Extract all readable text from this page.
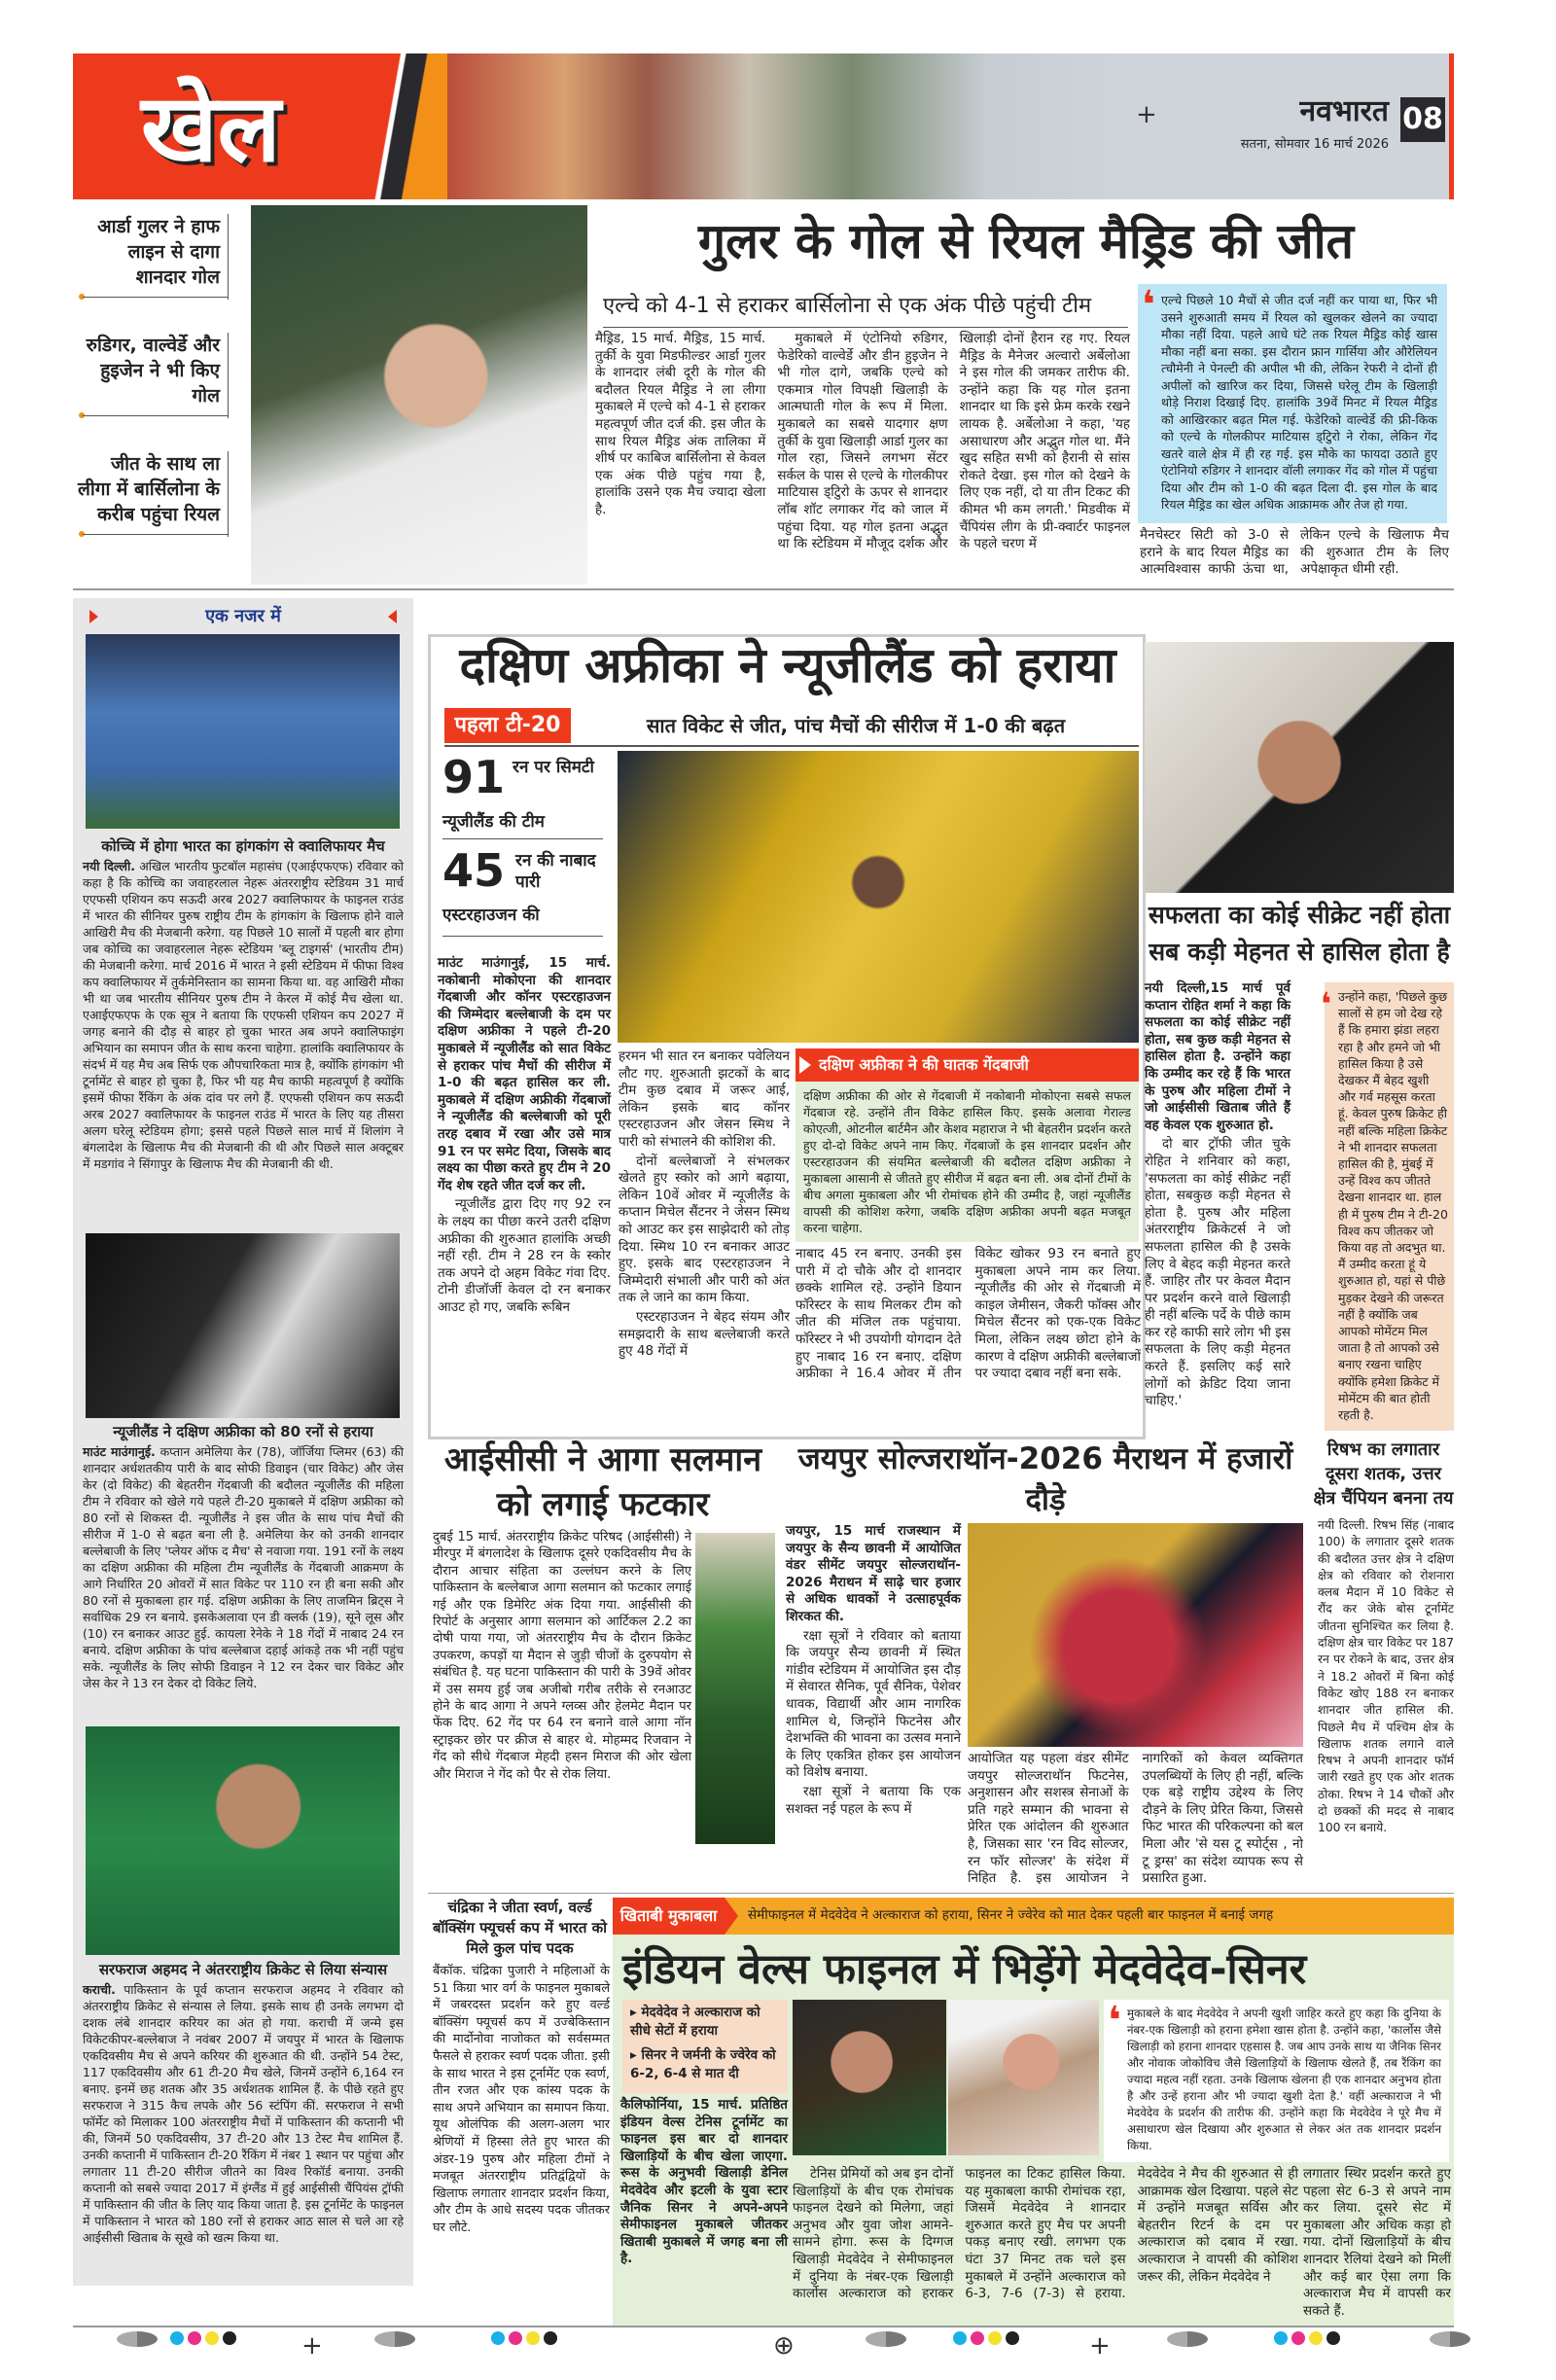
खेल	+	08
नवभारत
सतना, सोमवार 16 मार्च 2026
आर्डा गुलर ने हाफ लाइन से दागा शानदार गोल
रुडिगर, वाल्वेर्डे और हुइजेन ने भी किए गोल
जीत के साथ ला लीगा में बार्सिलोना के करीब पहुंचा रियल
गुलर के गोल से रियल मैड्रिड की जीत
एल्चे को 4-1 से हराकर बार्सिलोना से एक अंक पीछे पहुंची टीम

मैड्रिड, 15 मार्च. मैड्रिड, 15 मार्च. तुर्की के युवा मिडफील्डर आर्डा गुलर के शानदार लंबी दूरी के गोल की बदौलत रियल मैड्रिड ने ला लीगा मुकाबले में एल्चे को 4-1 से हराकर महत्वपूर्ण जीत दर्ज की. इस जीत के साथ रियल मैड्रिड अंक तालिका में शीर्ष पर काबिज बार्सिलोना से केवल एक अंक पीछे पहुंच गया है, हालांकि उसने एक मैच ज्यादा खेला है.

मुकाबले में एंटोनियो रुडिगर, फेडेरिको वाल्वेर्डे और डीन हुइजेन ने भी गोल दागे, जबकि एल्चे को एकमात्र गोल विपक्षी खिलाड़ी के आत्मघाती गोल के रूप में मिला. मुकाबले का सबसे यादगार क्षण तुर्की के युवा खिलाड़ी आर्डा गुलर का गोल रहा, जिसने लगभग सेंटर सर्कल के पास से एल्चे के गोलकीपर माटियास ड्टिुरो के ऊपर से शानदार लॉब शॉट लगाकर गेंद को जाल में पहुंचा दिया. यह गोल इतना अद्भुत था कि स्टेडियम में मौजूद दर्शक और खिलाड़ी दोनों हैरान रह गए. रियल मैड्रिड के मैनेजर अल्वारो अर्बेलोआ ने इस गोल की जमकर तारीफ की. उन्होंने कहा कि यह गोल इतना शानदार था कि इसे फ्रेम करके रखने लायक है. अर्बेलोआ ने कहा, 'यह असाधारण और अद्भुत गोल था. मैंने खुद सहित सभी को हैरानी से सांस रोकते देखा. इस गोल को देखने के लिए एक नहीं, दो या तीन टिकट की कीमत भी कम लगती.' मिडवीक में चैंपियंस लीग के प्री-क्वार्टर फाइनल के पहले चरण में

❛ एल्चे पिछले 10 मैचों से जीत दर्ज नहीं कर पाया था, फिर भी उसने शुरुआती समय में रियल को खुलकर खेलने का ज्यादा मौका नहीं दिया. पहले आधे घंटे तक रियल मैड्रिड कोई खास मौका नहीं बना सका. इस दौरान फ्रान गार्सिया और औरेलियन त्चौमेनी ने पेनल्टी की अपील भी की, लेकिन रेफरी ने दोनों ही अपीलों को खारिज कर दिया, जिससे घरेलू टीम के खिलाड़ी थोड़े निराश दिखाई दिए. हालांकि 39वें मिनट में रियल मैड्रिड को आखिरकार बढ़त मिल गई. फेडेरिको वाल्वेर्डे की फ्री-किक को एल्चे के गोलकीपर माटियास ड्टिुरो ने रोका, लेकिन गेंद खतरे वाले क्षेत्र में ही रह गई. इस मौके का फायदा उठाते हुए एंटोनियो रुडिगर ने शानदार वॉली लगाकर गेंद को गोल में पहुंचा दिया और टीम को 1-0 की बढ़त दिला दी. इस गोल के बाद रियल मैड्रिड का खेल अधिक आक्रामक और तेज हो गया.

मैनचेस्टर सिटी को 3-0 से हराने के बाद रियल मैड्रिड का आत्मविश्वास काफी ऊंचा था, लेकिन एल्चे के खिलाफ मैच की शुरुआत टीम के लिए अपेक्षाकृत धीमी रही.

एक नजर में
कोच्चि में होगा भारत का हांगकांग से क्वालिफायर मैच

नयी दिल्ली. अखिल भारतीय फुटबॉल महासंघ (एआईएफएफ) रविवार को कहा है कि कोच्चि का जवाहरलाल नेहरू अंतरराष्ट्रीय स्टेडियम 31 मार्च एएफसी एशियन कप सऊदी अरब 2027 क्वालिफायर के फाइनल राउंड में भारत की सीनियर पुरुष राष्ट्रीय टीम के हांगकांग के खिलाफ होने वाले आखिरी मैच की मेजबानी करेगा. यह पिछले 10 सालों में पहली बार होगा जब कोच्चि का जवाहरलाल नेहरू स्टेडियम 'ब्लू टाइगर्स' (भारतीय टीम) की मेजबानी करेगा. मार्च 2016 में भारत ने इसी स्टेडियम में फीफा विश्व कप क्वालिफायर में तुर्कमेनिस्तान का सामना किया था. वह आखिरी मौका भी था जब भारतीय सीनियर पुरुष टीम ने केरल में कोई मैच खेला था. एआईएफएफ के एक सूत्र ने बताया कि एएफसी एशियन कप 2027 में जगह बनाने की दौड़ से बाहर हो चुका भारत अब अपने क्वालिफाइंग अभियान का समापन जीत के साथ करना चाहेगा. हालांकि क्वालिफायर के संदर्भ में यह मैच अब सिर्फ एक औपचारिकता मात्र है, क्योंकि हांगकांग भी टूर्नामेंट से बाहर हो चुका है, फिर भी यह मैच काफी महत्वपूर्ण है क्योंकि इसमें फीफा रैंकिंग के अंक दांव पर लगे हैं. एएफसी एशियन कप सऊदी अरब 2027 क्वालिफायर के फाइनल राउंड में भारत के लिए यह तीसरा अलग घरेलू स्टेडियम होगा; इससे पहले पिछले साल मार्च में शिलांग ने बंगलादेश के खिलाफ मैच की मेजबानी की थी और पिछले साल अक्टूबर में मडगांव ने सिंगापुर के खिलाफ मैच की मेजबानी की थी.

न्यूजीलैंड ने दक्षिण अफ्रीका को 80 रनों से हराया

माउंट माउंगानुई. कप्तान अमेलिया केर (78), जॉर्जिया प्लिमर (63) की शानदार अर्धशतकीय पारी के बाद सोफी डिवाइन (चार विकेट) और जेस केर (दो विकेट) की बेहतरीन गेंदबाजी की बदौलत न्यूजीलैंड की महिला टीम ने रविवार को खेले गये पहले टी-20 मुकाबले में दक्षिण अफ्रीका को 80 रनों से शिकस्त दी. न्यूजीलैंड ने इस जीत के साथ पांच मैचों की सीरीज में 1-0 से बढ़त बना ली है. अमेलिया केर को उनकी शानदार बल्लेबाजी के लिए 'प्लेयर ऑफ द मैच' से नवाजा गया. 191 रनों के लक्ष्य का दक्षिण अफ्रीका की महिला टीम न्यूजीलैंड के गेंदबाजी आक्रमण के आगे निर्धारित 20 ओवरों में सात विकेट पर 110 रन ही बना सकी और 80 रनों से मुकाबला हार गई. दक्षिण अफ्रीका के लिए ताजमिन ब्रिट्स ने सर्वाधिक 29 रन बनाये. इसकेअलावा एन डी क्लर्क (19), सूने लूस और (10) रन बनाकर आउट हुई. कायला रेनेके ने 18 गेंदों में नाबाद 24 रन बनाये. दक्षिण अफ्रीका के पांच बल्लेबाज दहाई आंकड़े तक भी नहीं पहुंच सके. न्यूजीलैंड के लिए सोफी डिवाइन ने 12 रन देकर चार विकेट और जेस केर ने 13 रन देकर दो विकेट लिये.

सरफराज अहमद ने अंतरराष्ट्रीय क्रिकेट से लिया संन्यास

कराची. पाकिस्तान के पूर्व कप्तान सरफराज अहमद ने रविवार को अंतरराष्ट्रीय क्रिकेट से संन्यास ले लिया. इसके साथ ही उनके लगभग दो दशक लंबे शानदार करियर का अंत हो गया. कराची में जन्मे इस विकेटकीपर-बल्लेबाज ने नवंबर 2007 में जयपुर में भारत के खिलाफ एकदिवसीय मैच से अपने करियर की शुरुआत की थी. उन्होंने 54 टेस्ट, 117 एकदिवसीय और 61 टी-20 मैच खेले, जिनमें उन्होंने 6,164 रन बनाए. इनमें छह शतक और 35 अर्धशतक शामिल हैं. के पीछे रहते हुए सरफराज ने 315 कैच लपके और 56 स्टंपिंग कीं. सरफराज ने सभी फॉर्मेट को मिलाकर 100 अंतरराष्ट्रीय मैचों में पाकिस्तान की कप्तानी भी की, जिनमें 50 एकदिवसीय, 37 टी-20 और 13 टेस्ट मैच शामिल हैं. उनकी कप्तानी में पाकिस्तान टी-20 रैंकिंग में नंबर 1 स्थान पर पहुंचा और लगातार 11 टी-20 सीरीज जीतने का विश्व रिकॉर्ड बनाया. उनकी कप्तानी को सबसे ज्यादा 2017 में इंग्लैंड में हुई आईसीसी चैंपियंस ट्रॉफी में पाकिस्तान की जीत के लिए याद किया जाता है. इस टूर्नामेंट के फाइनल में पाकिस्तान ने भारत को 180 रनों से हराकर आठ साल से चले आ रहे आईसीसी खिताब के सूखे को खत्म किया था.

दक्षिण अफ्रीका ने न्यूजीलैंड को हराया
पहला टी-20	सात विकेट से जीत, पांच मैचों की सीरीज में 1-0 की बढ़त
91 रन पर सिमटी
न्यूजीलैंड की टीम
45 रन की नाबाद पारी
एस्टरहाउजन की

माउंट माउंगानुई, 15 मार्च. नकोबानी मोकोएना की शानदार गेंदबाजी और कॉनर एस्टरहाउजन की जिम्मेदार बल्लेबाजी के दम पर दक्षिण अफ्रीका ने पहले टी-20 मुकाबले में न्यूजीलैंड को सात विकेट से हराकर पांच मैचों की सीरीज में 1-0 की बढ़त हासिल कर ली. मुकाबले में दक्षिण अफ्रीकी गेंदबाजों ने न्यूजीलैंड की बल्लेबाजी को पूरी तरह दबाव में रखा और उसे मात्र 91 रन पर समेट दिया, जिसके बाद लक्ष्य का पीछा करते हुए टीम ने 20 गेंद शेष रहते जीत दर्ज कर ली.

न्यूजीलैंड द्वारा दिए गए 92 रन के लक्ष्य का पीछा करने उतरी दक्षिण अफ्रीका की शुरुआत हालांकि अच्छी नहीं रही. टीम ने 28 रन के स्कोर तक अपने दो अहम विकेट गंवा दिए. टोनी डीजॉर्जी केवल दो रन बनाकर आउट हो गए, जबकि रूबिन

हरमन भी सात रन बनाकर पवेलियन लौट गए. शुरुआती झटकों के बाद टीम कुछ दबाव में जरूर आई, लेकिन इसके बाद कॉनर एस्टरहाउजन और जेसन स्मिथ ने पारी को संभालने की कोशिश की.

दोनों बल्लेबाजों ने संभलकर खेलते हुए स्कोर को आगे बढ़ाया, लेकिन 10वें ओवर में न्यूजीलैंड के कप्तान मिचेल सैंटनर ने जेसन स्मिथ को आउट कर इस साझेदारी को तोड़ दिया. स्मिथ 10 रन बनाकर आउट हुए. इसके बाद एस्टरहाउजन ने जिम्मेदारी संभाली और पारी को अंत तक ले जाने का काम किया.

एस्टरहाउजन ने बेहद संयम और समझदारी के साथ बल्लेबाजी करते हुए 48 गेंदों में

दक्षिण अफ्रीका ने की घातक गेंदबाजी

दक्षिण अफ्रीका की ओर से गेंदबाजी में नकोबानी मोकोएना सबसे सफल गेंदबाज रहे. उन्होंने तीन विकेट हासिल किए. इसके अलावा गेराल्ड कोएत्जी, ओटनील बार्टमैन और केशव महाराज ने भी बेहतरीन प्रदर्शन करते हुए दो-दो विकेट अपने नाम किए. गेंदबाजों के इस शानदार प्रदर्शन और एस्टरहाउजन की संयमित बल्लेबाजी की बदौलत दक्षिण अफ्रीका ने मुकाबला आसानी से जीतते हुए सीरीज में बढ़त बना ली. अब दोनों टीमों के बीच अगला मुकाबला और भी रोमांचक होने की उम्मीद है, जहां न्यूजीलैंड वापसी की कोशिश करेगा, जबकि दक्षिण अफ्रीका अपनी बढ़त मजबूत करना चाहेगा.

नाबाद 45 रन बनाए. उनकी इस पारी में दो चौके और दो शानदार छक्के शामिल रहे. उन्होंने डियान फॉरेस्टर के साथ मिलकर टीम को जीत की मंजिल तक पहुंचाया. फॉरेस्टर ने भी उपयोगी योगदान देते हुए नाबाद 16 रन बनाए. दक्षिण अफ्रीका ने 16.4 ओवर में तीन विकेट खोकर 93 रन बनाते हुए मुकाबला अपने नाम कर लिया. न्यूजीलैंड की ओर से गेंदबाजी में काइल जेमीसन, जैकरी फॉक्स और मिचेल सैंटनर को एक-एक विकेट मिला, लेकिन लक्ष्य छोटा होने के कारण वे दक्षिण अफ्रीकी बल्लेबाजों पर ज्यादा दबाव नहीं बना सके.

सफलता का कोई सीक्रेट नहीं होता सब कड़ी मेहनत से हासिल होता है

नयी दिल्ली,15 मार्च पूर्व कप्तान रोहित शर्मा ने कहा कि सफलता का कोई सीक्रेट नहीं होता, सब कुछ कड़ी मेहनत से हासिल होता है. उन्होंने कहा कि उम्मीद कर रहे हैं कि भारत के पुरुष और महिला टीमों ने जो आईसीसी खिताब जीते हैं वह केवल एक शुरुआत हो.

दो बार ट्रॉफी जीत चुके रोहित ने शनिवार को कहा, 'सफलता का कोई सीक्रेट नहीं होता, सबकुछ कड़ी मेहनत से होता है. पुरुष और महिला अंतरराष्ट्रीय क्रिकेटर्स ने जो सफलता हासिल की है उसके लिए वे बेहद कड़ी मेहनत करते हैं. जाहिर तौर पर केवल मैदान पर प्रदर्शन करने वाले खिलाड़ी ही नहीं बल्कि पर्दे के पीछे काम कर रहे काफी सारे लोग भी इस सफलता के लिए कड़ी मेहनत करते हैं. इसलिए कई सारे लोगों को क्रेडिट दिया जाना चाहिए.'

❛ उन्होंने कहा, 'पिछले कुछ सालों से हम जो देख रहे हैं कि हमारा झंडा लहरा रहा है और हमने जो भी हासिल किया है उसे देखकर मैं बेहद खुशी और गर्व महसूस करता हूं. केवल पुरुष क्रिकेट ही नहीं बल्कि महिला क्रिकेट ने भी शानदार सफलता हासिल की है, मुंबई में उन्हें विश्व कप जीतते देखना शानदार था. हाल ही में पुरुष टीम ने टी-20 विश्व कप जीतकर जो किया वह तो अदभुत था. मैं उम्मीद करता हूं ये शुरुआत हो, यहां से पीछे मुड़कर देखने की जरूरत नहीं है क्योंकि जब आपको मोमेंटम मिल जाता है तो आपको उसे बनाए रखना चाहिए क्योंकि हमेशा क्रिकेट में मोमेंटम की बात होती रहती है.

आईसीसी ने आगा सलमान को लगाई फटकार

दुबई 15 मार्च. अंतरराष्ट्रीय क्रिकेट परिषद (आईसीसी) ने मीरपुर में बंगलादेश के खिलाफ दूसरे एकदिवसीय मैच के दौरान आचार संहिता का उल्लंघन करने के लिए पाकिस्तान के बल्लेबाज आगा सलमान को फटकार लगाई गई और एक डिमेरिट अंक दिया गया. आईसीसी की रिपोर्ट के अनुसार आगा सलमान को आर्टिकल 2.2 का दोषी पाया गया, जो अंतरराष्ट्रीय मैच के दौरान क्रिकेट उपकरण, कपड़ों या मैदान से जुड़ी चीजों के दुरुपयोग से संबंधित है. यह घटना पाकिस्तान की पारी के 39वें ओवर में उस समय हुई जब अजीबो गरीब तरीके से रनआउट होने के बाद आगा ने अपने ग्लव्स और हेलमेट मैदान पर फेंक दिए. 62 गेंद पर 64 रन बनाने वाले आगा नॉन स्ट्राइकर छोर पर क्रीज से बाहर थे. मोहम्मद रिजवान ने गेंद को सीधे गेंदबाज मेहदी हसन मिराज की ओर खेला और मिराज ने गेंद को पैर से रोक लिया.

जयपुर सोल्जराथॉन-2026 मैराथन में हजारों दौड़े

जयपुर, 15 मार्च राजस्थान में जयपुर के सैन्य छावनी में आयोजित वंडर सीमेंट जयपुर सोल्जराथॉन- 2026 मैराथन में साढ़े चार हजार से अधिक धावकों ने उत्साहपूर्वक शिरकत की.

रक्षा सूत्रों ने रविवार को बताया कि जयपुर सैन्य छावनी में स्थित गांडीव स्टेडियम में आयोजित इस दौड़ में सेवारत सैनिक, पूर्व सैनिक, पेशेवर धावक, विद्यार्थी और आम नागरिक शामिल थे, जिन्होंने फिटनेस और देशभक्ति की भावना का उत्सव मनाने के लिए एकत्रित होकर इस आयोजन को विशेष बनाया.

रक्षा सूत्रों ने बताया कि एक सशक्त नई पहल के रूप में

आयोजित यह पहला वंडर सीमेंट जयपुर सोल्जराथॉन फिटनेस, अनुशासन और सशस्त्र सेनाओं के प्रति गहरे सम्मान की भावना से प्रेरित एक आंदोलन की शुरुआत है, जिसका सार 'रन विद सोल्जर, रन फॉर सोल्जर' के संदेश में निहित है. इस आयोजन ने नागरिकों को केवल व्यक्तिगत उपलब्धियों के लिए ही नहीं, बल्कि एक बड़े राष्ट्रीय उद्देश्य के लिए दौड़ने के लिए प्रेरित किया, जिससे फिट भारत की परिकल्पना को बल मिला और 'से यस टू स्पोर्ट्स , नो टू ड्रग्स' का संदेश व्यापक रूप से प्रसारित हुआ.

रिषभ का लगातार दूसरा शतक, उत्तर क्षेत्र चैंपियन बनना तय

नयी दिल्ली. रिषभ सिंह (नाबाद 100) के लगातार दूसरे शतक की बदौलत उत्तर क्षेत्र ने दक्षिण क्षेत्र को रविवार को रोशनारा क्लब मैदान में 10 विकेट से रौंद कर जेके बोस टूर्नामेंट जीतना सुनिश्चित कर लिया है. दक्षिण क्षेत्र चार विकेट पर 187 रन पर रोकने के बाद, उत्तर क्षेत्र ने 18.2 ओवरों में बिना कोई विकेट खोए 188 रन बनाकर शानदार जीत हासिल की. पिछले मैच में पश्चिम क्षेत्र के खिलाफ शतक लगाने वाले रिषभ ने अपनी शानदार फॉर्म जारी रखते हुए एक ओर शतक ठोका. रिषभ ने 14 चौकों और दो छक्कों की मदद से नाबाद 100 रन बनाये.

चंद्रिका ने जीता स्वर्ण, वर्ल्ड बॉक्सिंग फ्यूचर्स कप में भारत को मिले कुल पांच पदक

बैंकॉक. चंद्रिका पुजारी ने महिलाओं के 51 किग्रा भार वर्ग के फाइनल मुकाबले में जबरदस्त प्रदर्शन करे हुए वर्ल्ड बॉक्सिंग फ्यूचर्स कप में उज्बेकिस्तान की मार्दोनोवा नाजोकत को सर्वसम्मत फैसले से हराकर स्वर्ण पदक जीता. इसी के साथ भारत ने इस टूर्नामेंट एक स्वर्ण, तीन रजत और एक कांस्य पदक के साथ अपने अभियान का समापन किया. यूथ ओलंपिक की अलग-अलग भार श्रेणियों में हिस्सा लेते हुए भारत की अंडर-19 पुरुष और महिला टीमों ने मजबूत अंतरराष्ट्रीय प्रतिद्वंद्वियों के खिलाफ लगातार शानदार प्रदर्शन किया, और टीम के आधे सदस्य पदक जीतकर घर लौटे.

खिताबी मुकाबला	सेमीफाइनल में मेदवेदेव ने अल्काराज को हराया, सिनर ने ज्वेरेव को मात देकर पहली बार फाइनल में बनाई जगह
इंडियन वेल्स फाइनल में भिड़ेंगे मेदवेदेव-सिनर
▸ मेदवेदेव ने अल्काराज को सीधे सेटों में हराया
▸ सिनर ने जर्मनी के ज्वेरेव को 6-2, 6-4 से मात दी

कैलिफोर्निया, 15 मार्च. प्रतिष्ठित इंडियन वेल्स टेनिस टूर्नामेंट का फाइनल इस बार दो शानदार खिलाड़ियों के बीच खेला जाएगा. रूस के अनुभवी खिलाड़ी डेनिल मेदवेदेव और इटली के युवा स्टार जैनिक सिनर ने अपने-अपने सेमीफाइनल मुकाबले जीतकर खिताबी मुकाबले में जगह बना ली है.

❛ मुकाबले के बाद मेदवेदेव ने अपनी खुशी जाहिर करते हुए कहा कि दुनिया के नंबर-एक खिलाड़ी को हराना हमेशा खास होता है. उन्होंने कहा, 'कार्लोस जैसे खिलाड़ी को हराना शानदार एहसास है. जब आप उनके साथ या जैनिक सिनर और नोवाक जोकोविच जैसे खिलाड़ियों के खिलाफ खेलते हैं, तब रैंकिंग का ज्यादा महत्व नहीं रहता. उनके खिलाफ खेलना ही एक शानदार अनुभव होता है और उन्हें हराना और भी ज्यादा खुशी देता है.' वहीं अल्काराज ने भी मेदवेदेव के प्रदर्शन की तारीफ की. उन्होंने कहा कि मेदवेदेव ने पूरे मैच में असाधारण खेल दिखाया और शुरुआत से लेकर अंत तक शानदार प्रदर्शन किया.

टेनिस प्रेमियों को अब इन दोनों खिलाड़ियों के बीच एक रोमांचक फाइनल देखने को मिलेगा, जहां अनुभव और युवा जोश आमने-सामने होगा. रूस के दिग्गज खिलाड़ी मेदवेदेव ने सेमीफाइनल में दुनिया के नंबर-एक खिलाड़ी कार्लोस अल्काराज को हराकर फाइनल का टिकट हासिल किया. यह मुकाबला काफी रोमांचक रहा, जिसमें मेदवेदेव ने शानदार शुरुआत करते हुए मैच पर अपनी पकड़ बनाए रखी. लगभग एक घंटा 37 मिनट तक चले इस मुकाबले में उन्होंने अल्काराज को 6-3, 7-6 (7-3) से हराया. मेदवेदेव ने मैच की शुरुआत से ही आक्रामक खेल दिखाया. पहले सेट में उन्होंने मजबूत सर्विस और बेहतरीन रिटर्न के दम पर अल्काराज को दबाव में रखा. अल्काराज ने वापसी की कोशिश जरूर की, लेकिन मेदवेदेव ने

लगातार स्थिर प्रदर्शन करते हुए पहला सेट 6-3 से अपने नाम कर लिया. दूसरे सेट में मुकाबला और अधिक कड़ा हो गया. दोनों खिलाड़ियों के बीच शानदार रैलियां देखने को मिलीं और कई बार ऐसा लगा कि अल्काराज मैच में वापसी कर सकते हैं.

+	⊕	+
